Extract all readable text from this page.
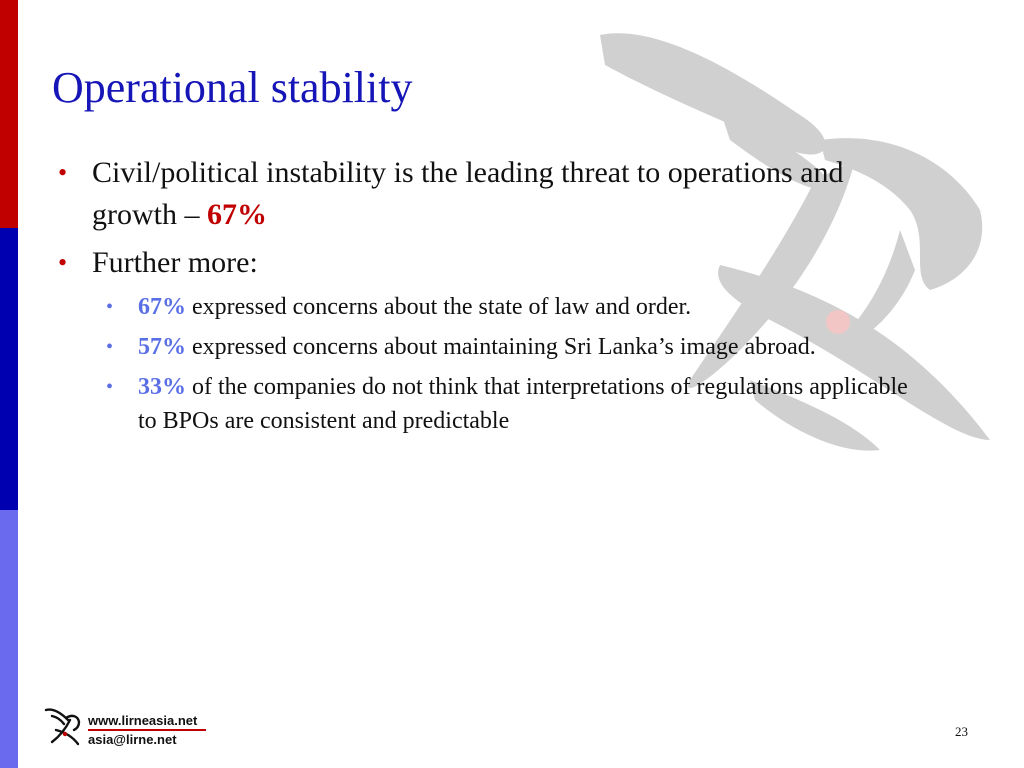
Operational stability
• Civil/political instability is the leading threat to operations and growth – 67%
• Further more:
• 67% expressed concerns about the state of law and order.
• 57% expressed concerns about maintaining Sri Lanka’s image abroad.
• 33% of the companies do not think that interpretations of regulations applicable to BPOs are consistent and predictable
www.lirneasia.net
asia@lirne.net
23
